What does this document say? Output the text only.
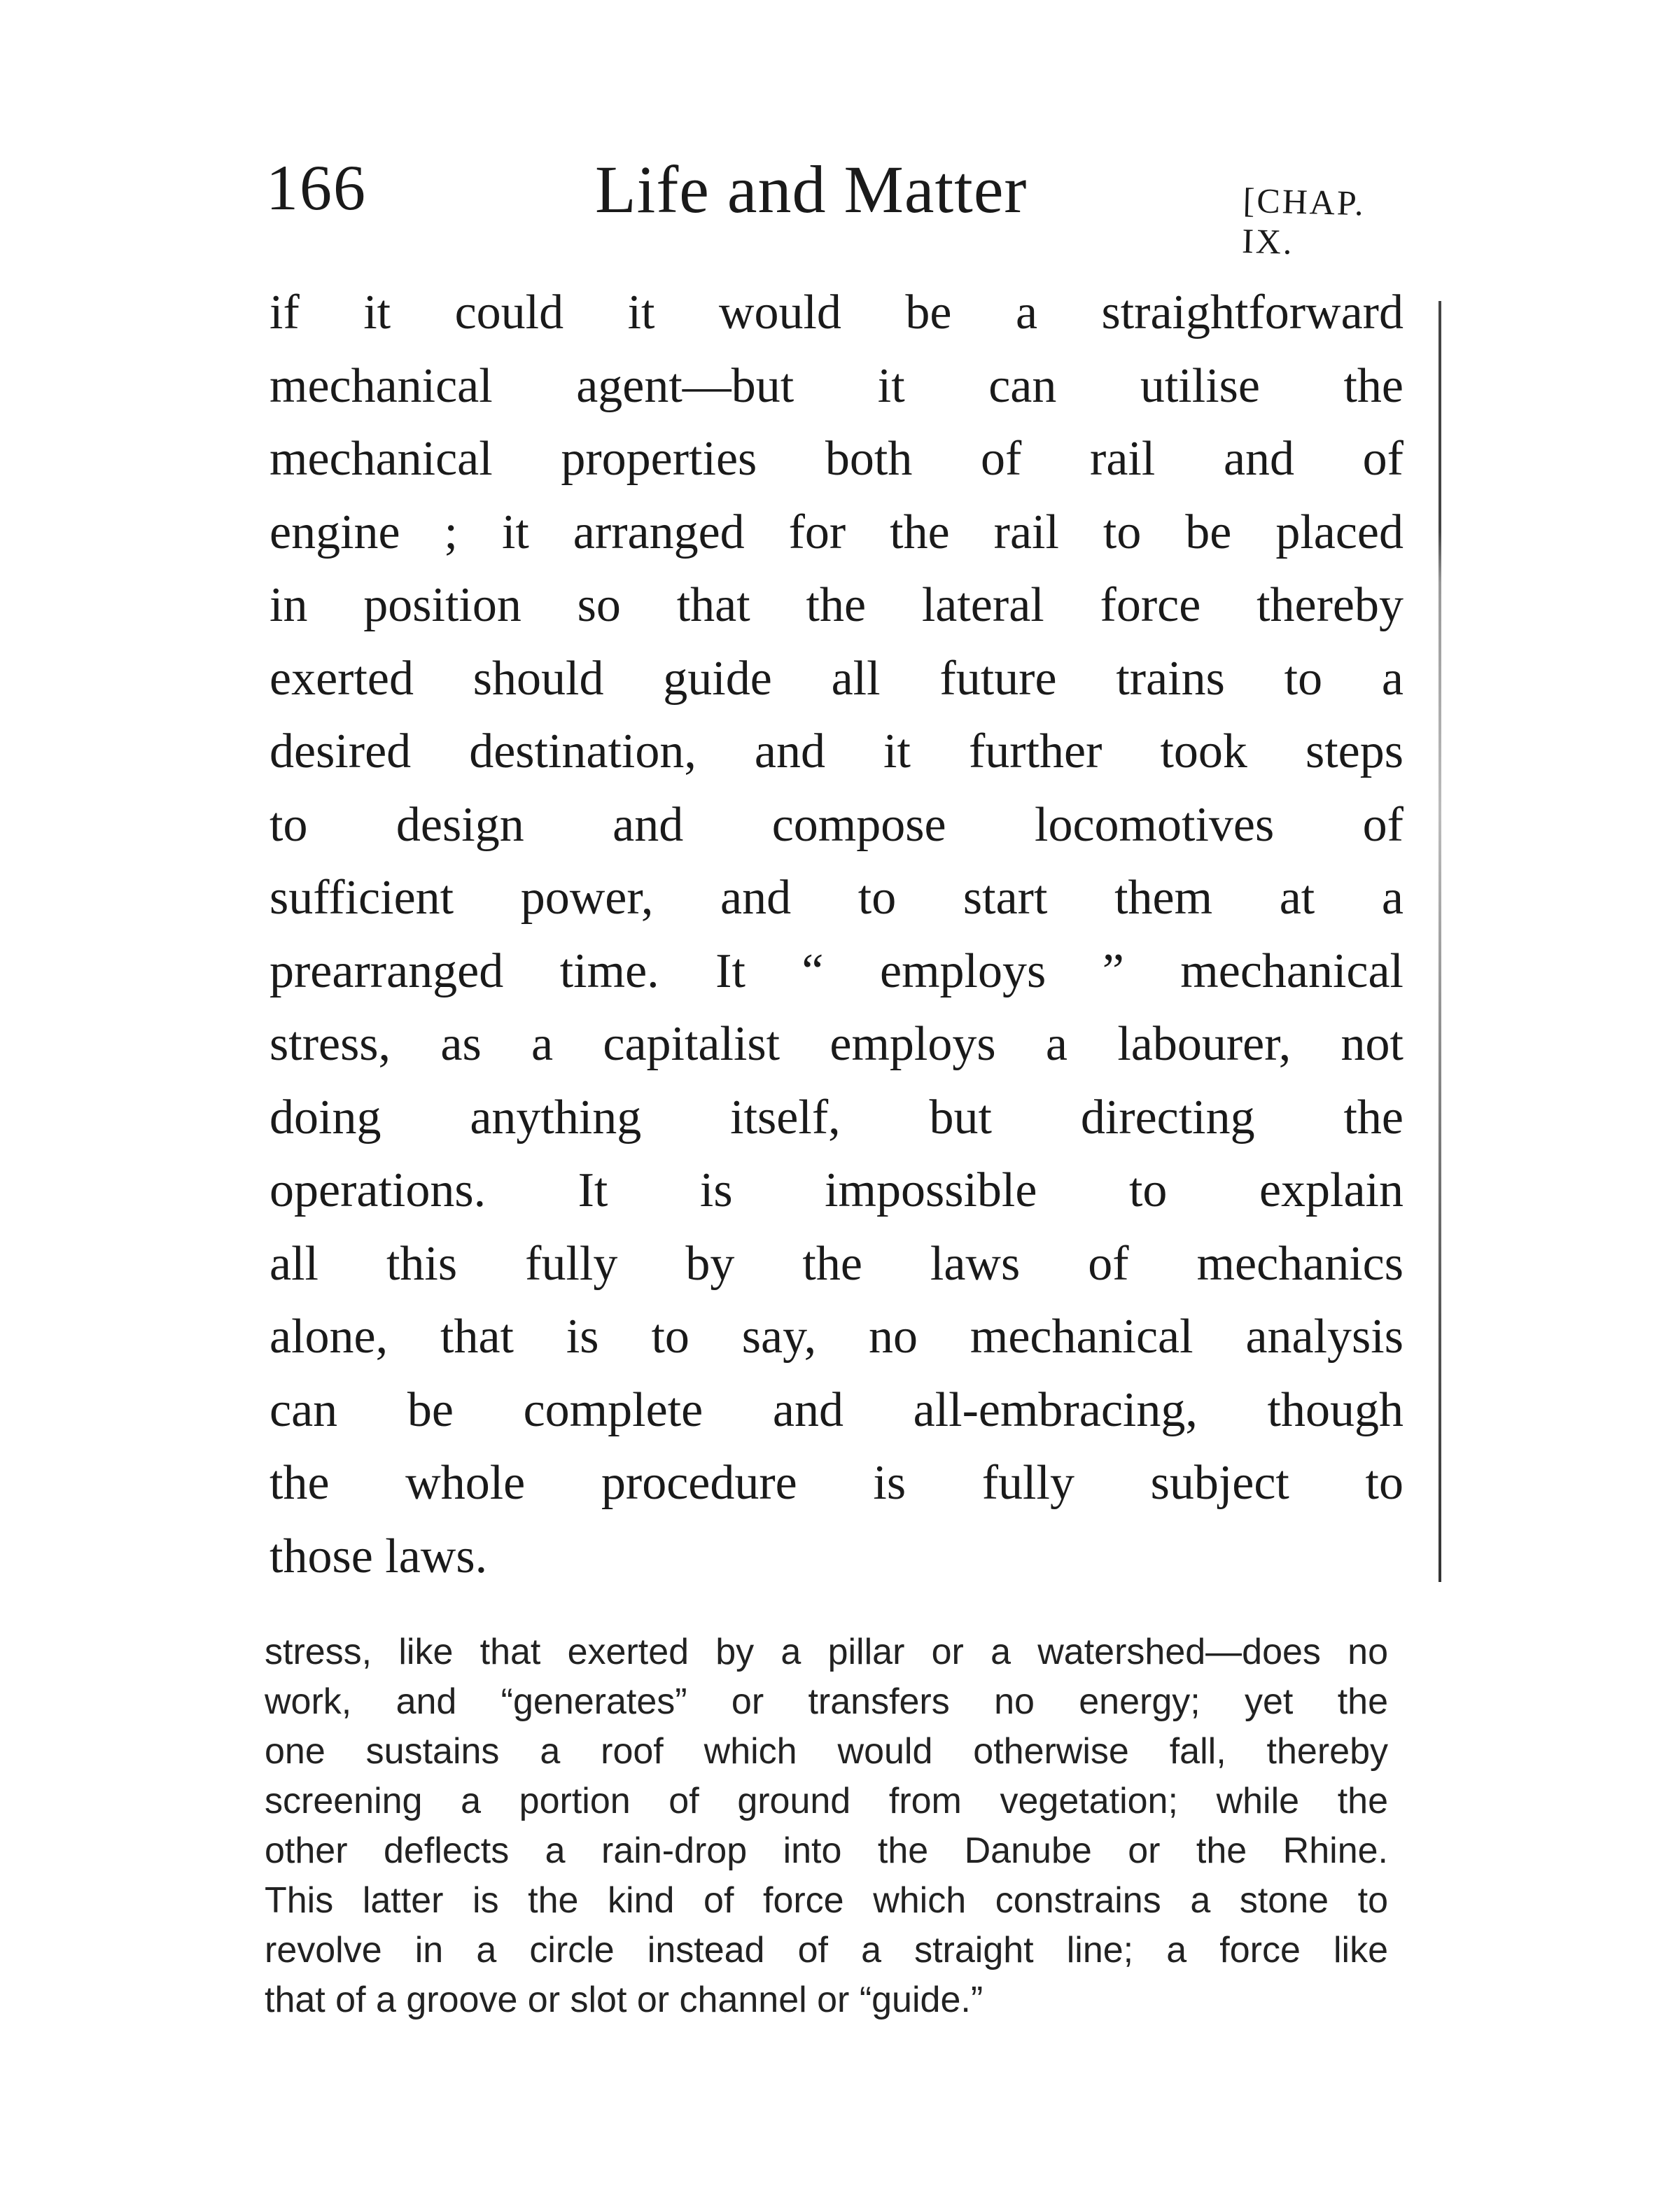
166	Life and Matter	[CHAP. IX.
if it could it would be a straightforward
mechanical agent—but it can utilise the
mechanical properties both of rail and of
engine ; it arranged for the rail to be placed
in position so that the lateral force thereby
exerted should guide all future trains to a
desired destination, and it further took steps
to design and compose locomotives of
sufficient power, and to start them at a
prearranged time. It “ employs ” mechanical
stress, as a capitalist employs a labourer, not
doing anything itself, but directing the
operations. It is impossible to explain
all this fully by the laws of mechanics
alone, that is to say, no mechanical analysis
can be complete and all-embracing, though
the whole procedure is fully subject to
those laws.
stress, like that exerted by a pillar or a watershed—does no
work, and “generates” or transfers no energy; yet the
one sustains a roof which would otherwise fall, thereby
screening a portion of ground from vegetation; while the
other deflects a rain-drop into the Danube or the Rhine.
This latter is the kind of force which constrains a stone to
revolve in a circle instead of a straight line; a force like
that of a groove or slot or channel or “guide.”
